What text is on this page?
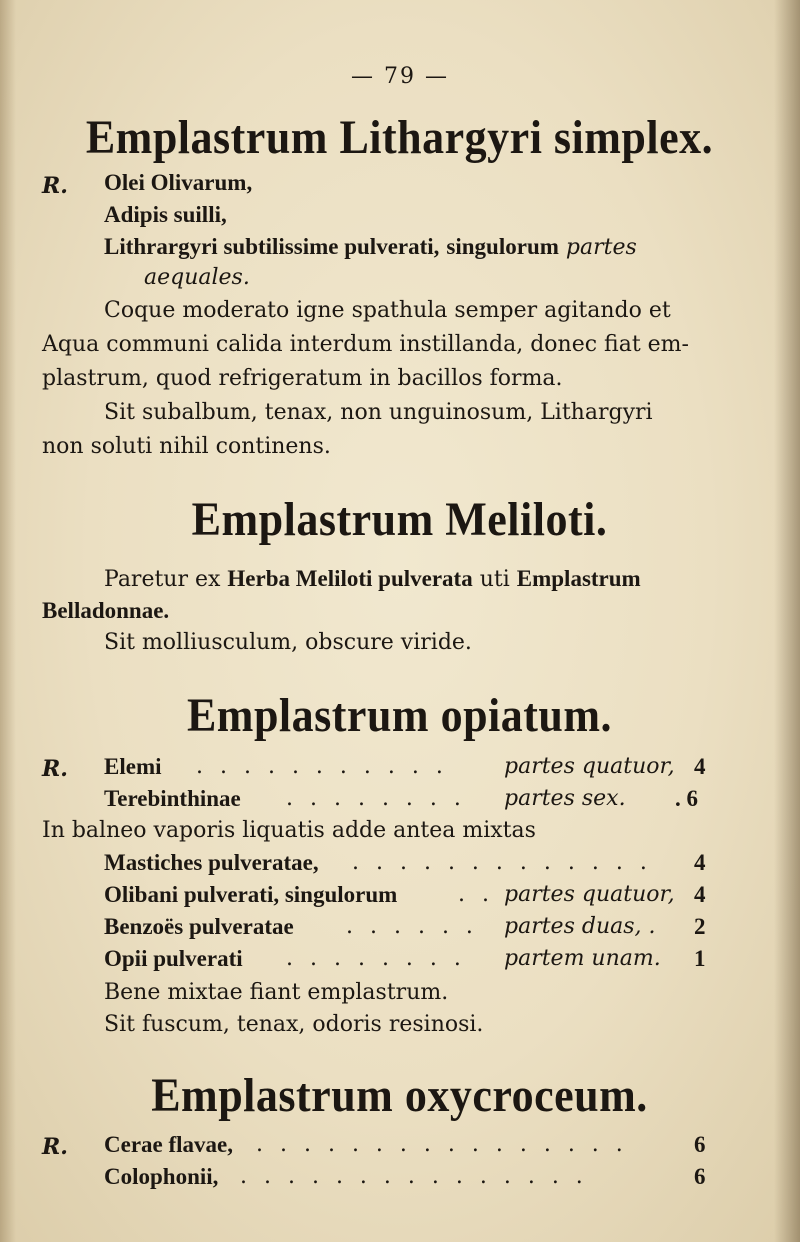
— 79 —
Emplastrum Lithargyri simplex.
R. Olei Olivarum,
Adipis suilli,
Lithrargyri subtilissime pulverati, singulorum partes
aequales.
Coque moderato igne spathula semper agitando et
Aqua communi calida interdum instillanda, donec fiat em-
plastrum, quod refrigeratum in bacillos forma.
Sit subalbum, tenax, non unguinosum, Lithargyri
non soluti nihil continens.
Emplastrum Meliloti.
Paretur ex Herba Meliloti pulverata uti Emplastrum
Belladonnae.
Sit molliusculum, obscure viride.
Emplastrum opiatum.
R. Elemi . . . . . . . . . . .	partes quatuor, 4
Terebinthinae . . . . . . . . partes sex. . 6
In balneo vaporis liquatis adde antea mixtas
Mastiches pulveratae, . . . . . . . . . . . . . 4
Olibani pulverati, singulorum	. . partes quatuor, 4
Benzoës pulveratae . . . . . . partes duas, . 2
Opii pulverati . . . . . . . . partem unam. 1
Bene mixtae fiant emplastrum.
Sit fuscum, tenax, odoris resinosi.
Emplastrum oxycroceum.
R. Cerae flavae, . . . . . . . . . . . . . . . .	6
Colophonii, . . . . . . . . . . . . . . .	6
